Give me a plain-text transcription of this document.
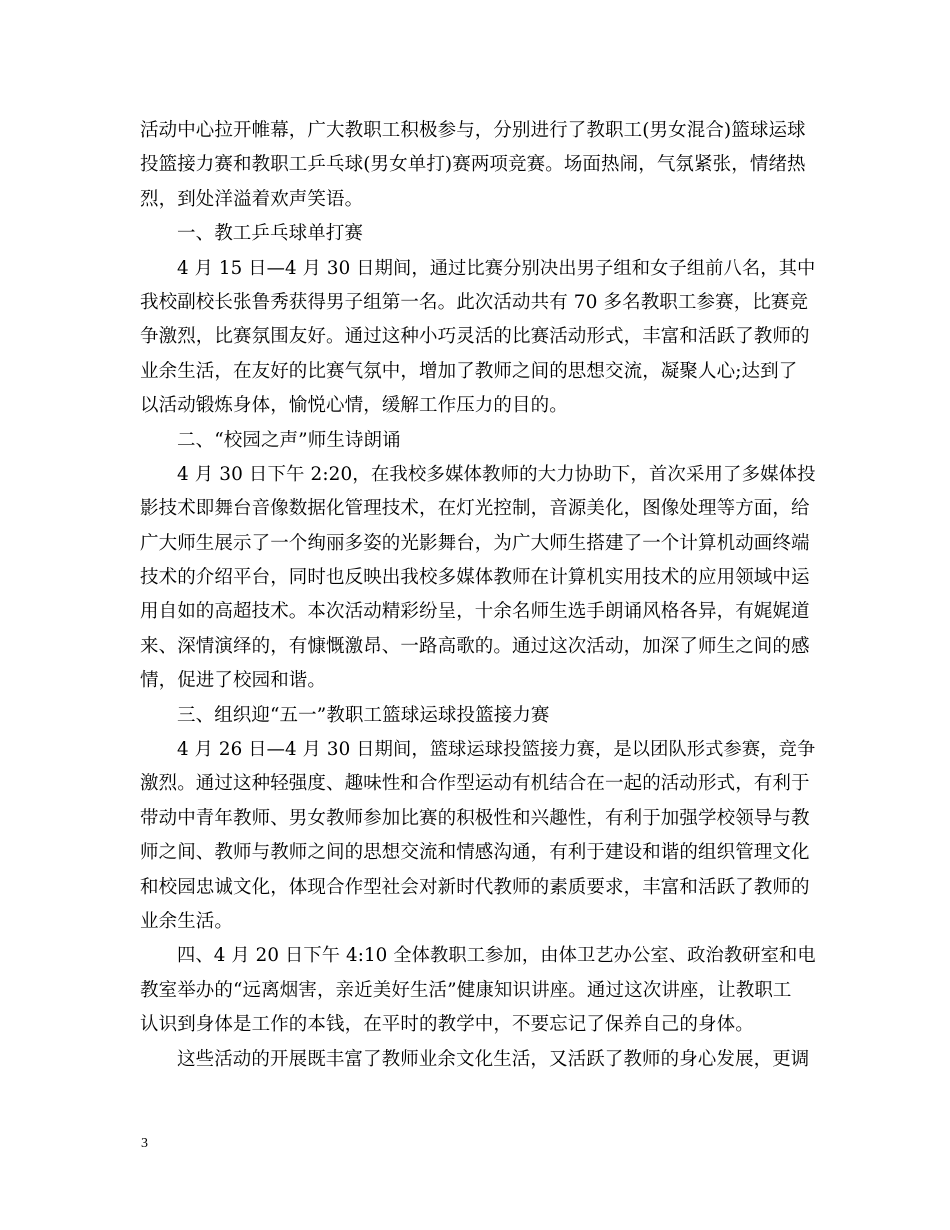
活动中心拉开帷幕，广大教职工积极参与，分别进行了教职工(男女混合)篮球运球
投篮接力赛和教职工乒乓球(男女单打)赛两项竞赛。场面热闹，气氛紧张，情绪热
烈，到处洋溢着欢声笑语。
一、教工乒乓球单打赛
4 月 15 日—4 月 30 日期间，通过比赛分别决出男子组和女子组前八名，其中
我校副校长张鲁秀获得男子组第一名。此次活动共有 70 多名教职工参赛，比赛竞
争激烈，比赛氛围友好。通过这种小巧灵活的比赛活动形式，丰富和活跃了教师的
业余生活，在友好的比赛气氛中，增加了教师之间的思想交流，凝聚人心;达到了
以活动锻炼身体，愉悦心情，缓解工作压力的目的。
二、“校园之声”师生诗朗诵
4 月 30 日下午 2:20，在我校多媒体教师的大力协助下，首次采用了多媒体投
影技术即舞台音像数据化管理技术，在灯光控制，音源美化，图像处理等方面，给
广大师生展示了一个绚丽多姿的光影舞台，为广大师生搭建了一个计算机动画终端
技术的介绍平台，同时也反映出我校多媒体教师在计算机实用技术的应用领域中运
用自如的高超技术。本次活动精彩纷呈，十余名师生选手朗诵风格各异，有娓娓道
来、深情演绎的，有慷慨激昂、一路高歌的。通过这次活动，加深了师生之间的感
情，促进了校园和谐。
三、组织迎“五一”教职工篮球运球投篮接力赛
4 月 26 日—4 月 30 日期间，篮球运球投篮接力赛，是以团队形式参赛，竞争
激烈。通过这种轻强度、趣味性和合作型运动有机结合在一起的活动形式，有利于
带动中青年教师、男女教师参加比赛的积极性和兴趣性，有利于加强学校领导与教
师之间、教师与教师之间的思想交流和情感沟通，有利于建设和谐的组织管理文化
和校园忠诚文化，体现合作型社会对新时代教师的素质要求，丰富和活跃了教师的
业余生活。
四、4 月 20 日下午 4:10 全体教职工参加，由体卫艺办公室、政治教研室和电
教室举办的“远离烟害，亲近美好生活”健康知识讲座。通过这次讲座，让教职工
认识到身体是工作的本钱，在平时的教学中，不要忘记了保养自己的身体。
这些活动的开展既丰富了教师业余文化生活，又活跃了教师的身心发展，更调
3
